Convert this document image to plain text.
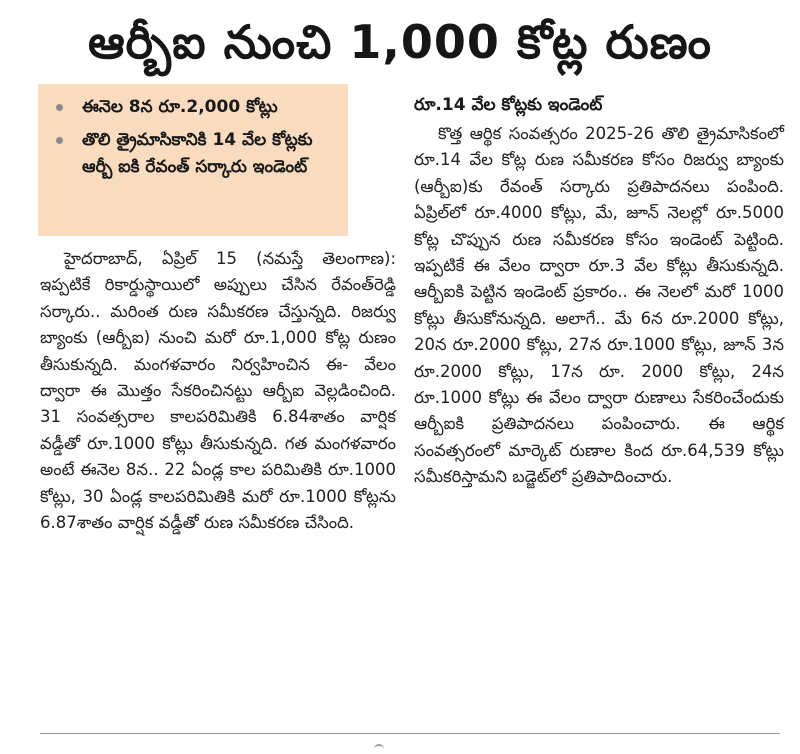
ఆర్బీఐ నుంచి 1,000 కోట్ల రుణం
ఈనెల 8న రూ.2,000 కోట్లు
తొలి త్రైమాసికానికి 14 వేల కోట్లకు ఆర్బీ ఐకి రేవంత్ సర్కారు ఇండెంట్

హైదరాబాద్, ఏప్రిల్ 15 (నమస్తే తెలంగాణ): ఇప్పటికే రికార్డుస్థాయిలో అప్పులు చేసిన రేవంత్‌రెడ్డి సర్కారు.. మరింత రుణ సమీకరణ చేస్తున్నది. రిజర్వు బ్యాంకు (ఆర్బీఐ) నుంచి మరో రూ.1,000 కోట్ల రుణం తీసుకున్నది. మంగళవారం నిర్వహించిన ఈ- వేలం ద్వారా ఈ మొత్తం సేకరించినట్టు ఆర్బీఐ వెల్లడించింది. 31 సంవత్సరాల కాలపరిమితికి 6.84శాతం వార్షిక వడ్డీతో రూ.1000 కోట్లు తీసుకున్నది. గత మంగళవారం అంటే ఈనెల 8న.. 22 ఏండ్ల కాల పరిమితికి రూ.1000 కోట్లు, 30 ఏండ్ల కాలపరిమితికి మరో రూ.1000 కోట్లను 6.87శాతం వార్షిక వడ్డీతో రుణ సమీకరణ చేసింది.

రూ.14 వేల కోట్లకు ఇండెంట్

కొత్త ఆర్థిక సంవత్సరం 2025-26 తొలి త్రైమాసికంలో రూ.14 వేల కోట్ల రుణ సమీకరణ కోసం రిజర్వు బ్యాంకు (ఆర్బీఐ)కు రేవంత్ సర్కారు ప్రతిపాదనలు పంపింది. ఏప్రిల్‌లో రూ.4000 కోట్లు, మే, జూన్ నెలల్లో రూ.5000 కోట్ల చొప్పున రుణ సమీకరణ కోసం ఇండెంట్ పెట్టింది. ఇప్పటికే ఈ వేలం ద్వారా రూ.3 వేల కోట్లు తీసుకున్నది. ఆర్బీఐకి పెట్టిన ఇండెంట్ ప్రకారం.. ఈ నెలలో మరో 1000 కోట్లు తీసుకోనున్నది. అలాగే.. మే 6న రూ.2000 కోట్లు, 20న రూ.2000 కోట్లు, 27న రూ.1000 కోట్లు, జూన్ 3న రూ.2000 కోట్లు, 17న రూ. 2000 కోట్లు, 24న రూ.1000 కోట్లు ఈ వేలం ద్వారా రుణాలు సేకరించేందుకు ఆర్బీఐకి ప్రతిపాదనలు పంపించారు. ఈ ఆర్థిక సంవత్సరంలో మార్కెట్ రుణాల కింద రూ.64,539 కోట్లు సమీకరిస్తామని బడ్జెట్‌లో ప్రతిపాదించారు.
